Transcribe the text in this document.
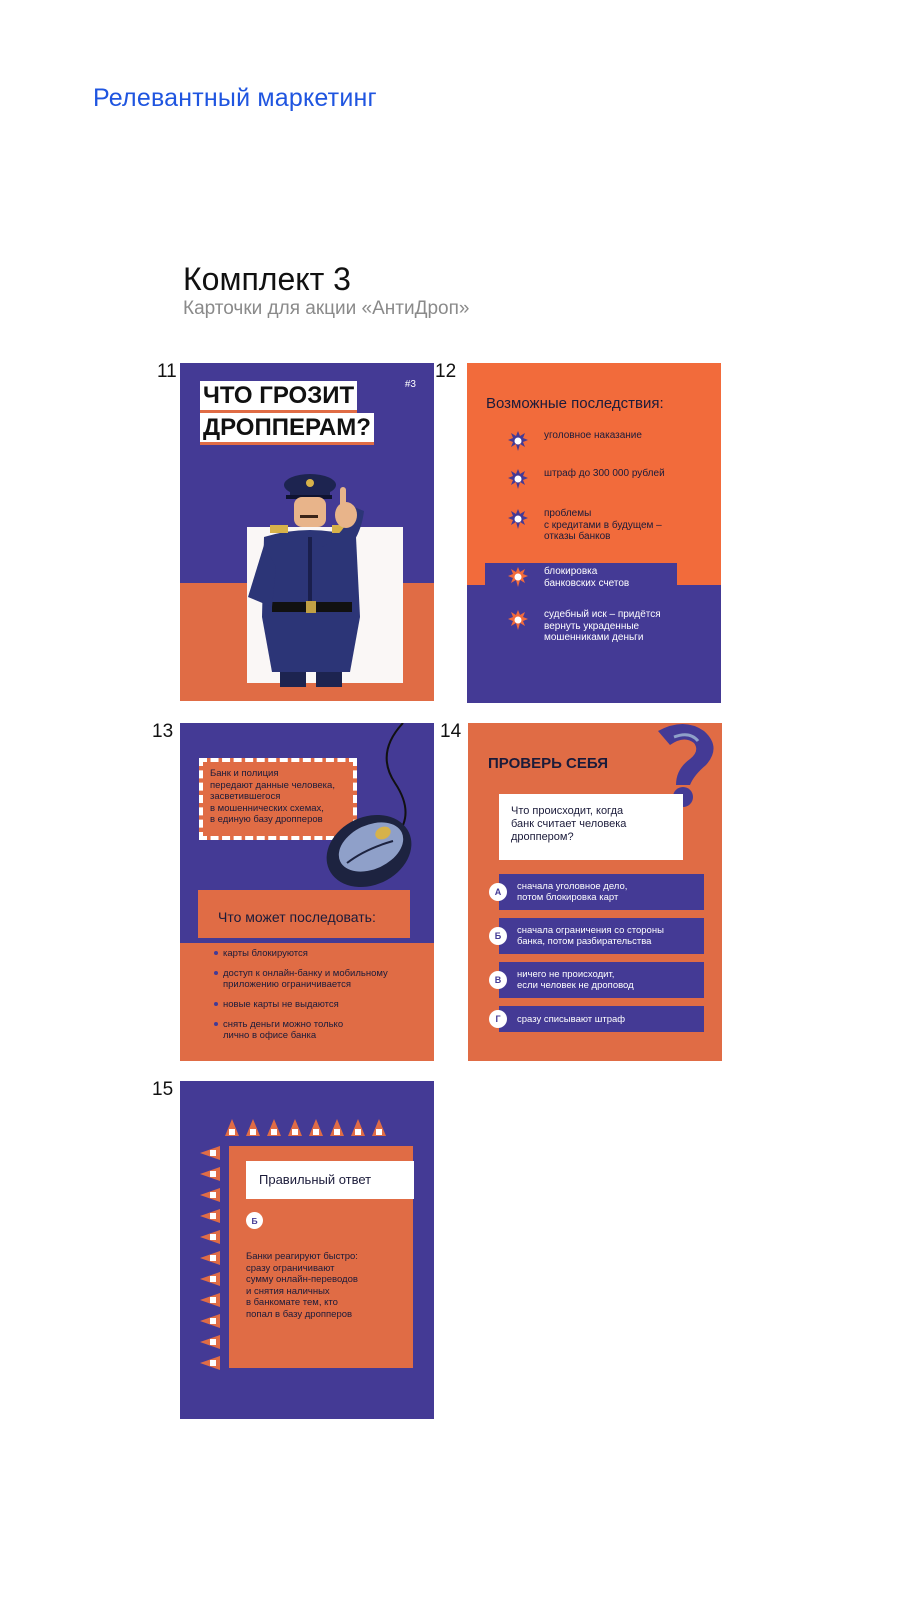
Релевантный маркетинг
Комплект 3
Карточки для акции «АнтиДроп»
11
ЧТО ГРОЗИТ
ДРОППЕРАМ?
#3
12
Возможные последствия:
уголовное наказание
штраф до 300 000 рублей
проблемы
с кредитами в будущем –
отказы банков
блокировка
банковских счетов
судебный иск – придётся
вернуть украденные
мошенниками деньги
13
Банк и полиция
передают данные человека,
засветившегося
в мошеннических схемах,
в единую базу дропперов
Что может последовать:
карты блокируются
доступ к онлайн-банку и мобильному
приложению ограничивается
новые карты не выдаются
снять деньги можно только
лично в офисе банка
14
ПРОВЕРЬ СЕБЯ
Что происходит, когда
банк считает человека
дроппером?
сначала уголовное дело,
потом блокировка карт
А
сначала ограничения со стороны
банка, потом разбирательства
Б
ничего не происходит,
если человек не дроповод
В
сразу списывают штраф
Г
15
Правильный ответ
Б
Банки реагируют быстро:
сразу ограничивают
сумму онлайн-переводов
и снятия наличных
в банкомате тем, кто
попал в базу дропперов
